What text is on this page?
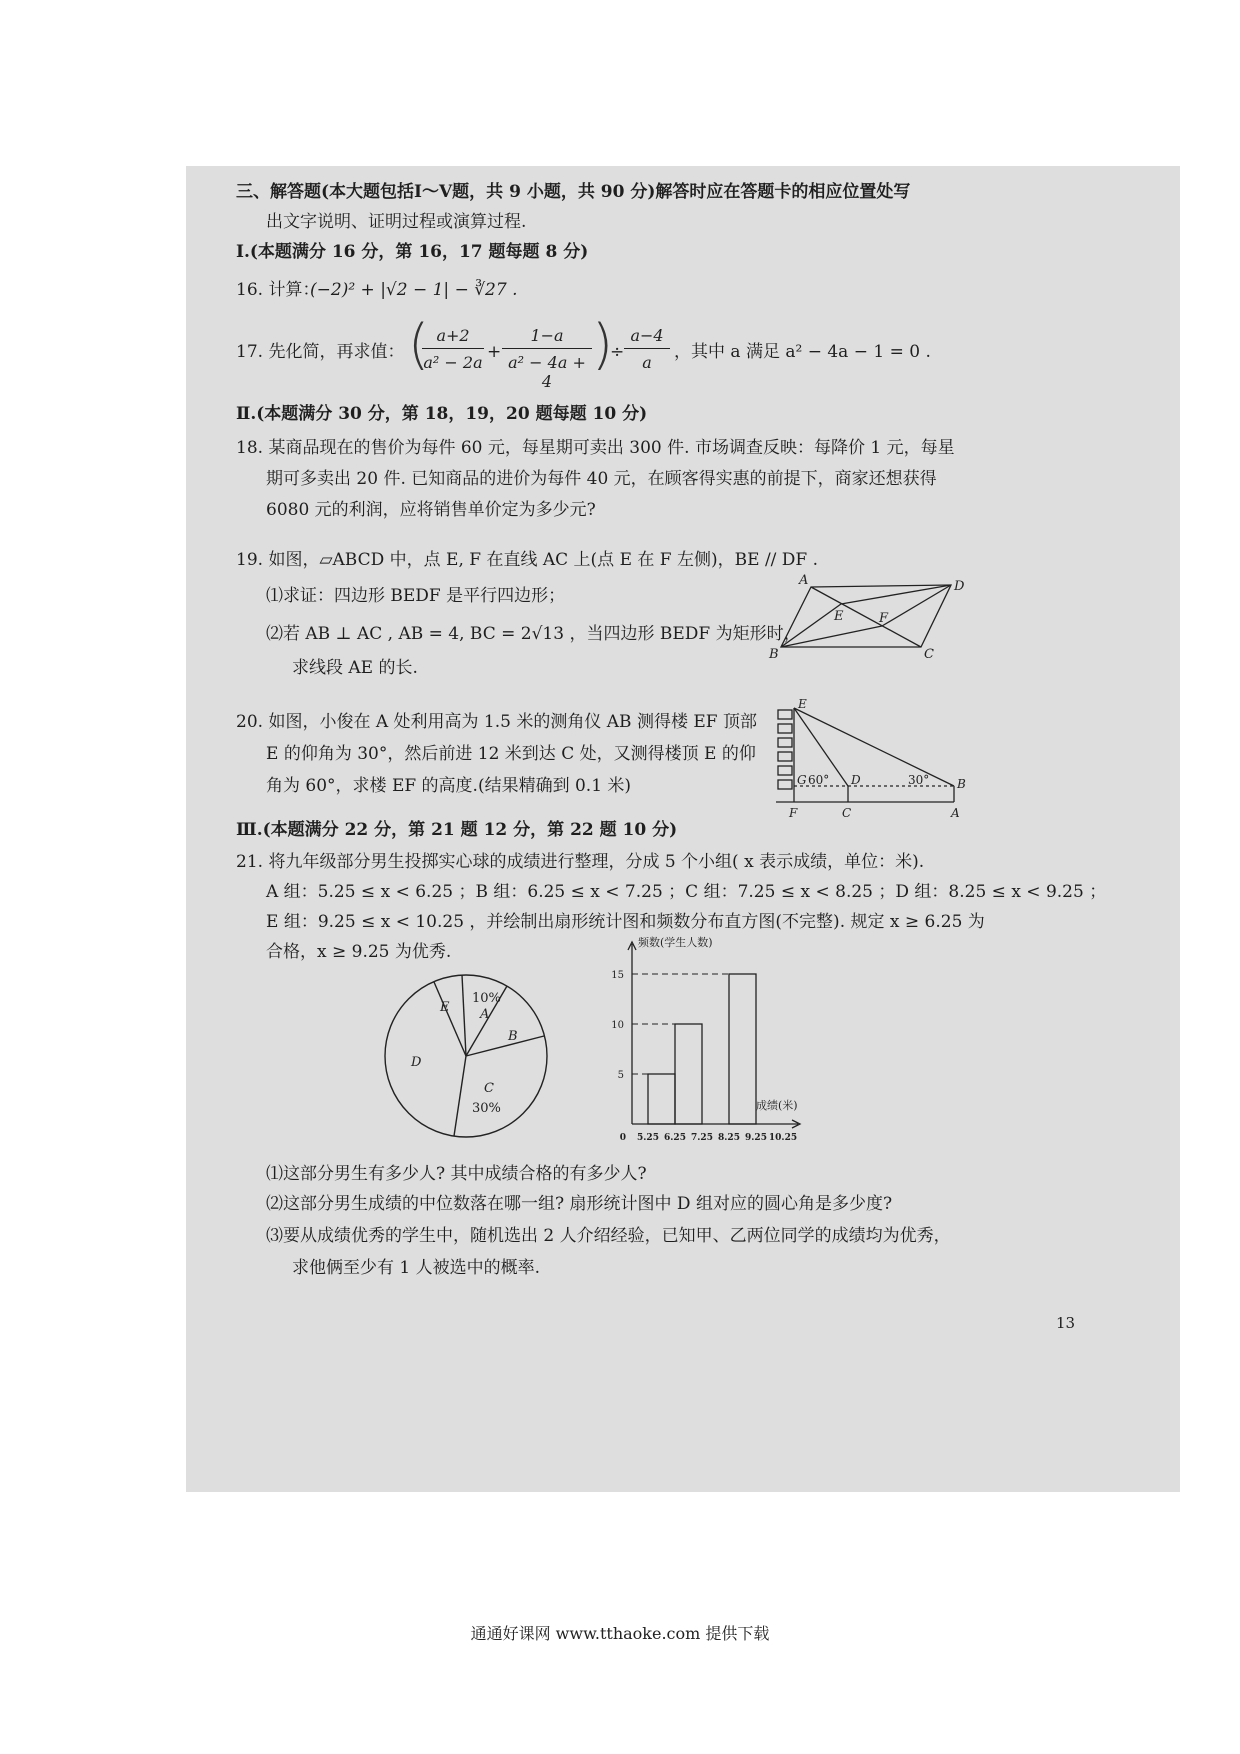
三、解答题(本大题包括Ⅰ～Ⅴ题，共 9 小题，共 90 分)解答时应在答题卡的相应位置处写
出文字说明、证明过程或演算过程.
Ⅰ.(本题满分 16 分，第 16，17 题每题 8 分)
16. 计算：
(−2)² + |√2 − 1| − ∛27 .
17. 先化简，再求值： (
$\frac{a+2}{\text{a² − 2a}} + \frac{1-a}{\text{a² − 4a + 4}}$ )
÷ $\frac{a-4}{a}$ ，其中 a 满足 a² − 4a − 1 = 0 .
Ⅱ.(本题满分 30 分，第 18，19，20 题每题 10 分)
18. 某商品现在的售价为每件 60 元，每星期可卖出 300 件. 市场调查反映：每降价 1 元，每星
期可多卖出 20 件. 已知商品的进价为每件 40 元，在顾客得实惠的前提下，商家还想获得
6080 元的利润，应将销售单价定为多少元?
19. 如图，▱ABCD 中，点 E, F 在直线 AC 上(点 E 在 F 左侧)，BE // DF .
⑴求证：四边形 BEDF 是平行四边形；
⑵若 AB ⊥ AC , AB = 4, BC = 2√13 ，当四边形 BEDF 为矩形时，
求线段 AE 的长.
A	D
B	C
E	F
20. 如图，小俊在 A 处利用高为 1.5 米的测角仪 AB 测得楼 EF 顶部
E 的仰角为 30°，然后前进 12 米到达 C 处，又测得楼顶 E 的仰
角为 60°，求楼 EF 的高度.(结果精确到 0.1 米)
E
G 60° D	30° B
F	C	A
Ⅲ.(本题满分 22 分，第 21 题 12 分，第 22 题 10 分)
21. 将九年级部分男生投掷实心球的成绩进行整理，分成 5 个小组( x 表示成绩，单位：米).
A 组：5.25 ≤ x < 6.25 ；B 组：6.25 ≤ x < 7.25 ；C 组：7.25 ≤ x < 8.25 ；D 组：8.25 ≤ x < 9.25 ；
E 组：9.25 ≤ x < 10.25 ，并绘制出扇形统计图和频数分布直方图(不完整). 规定 x ≥ 6.25 为
合格，x ≥ 9.25 为优秀.
E
10%
A
B
D
C
30%
5
10
15
0 5.25 6.25 7.25 8.25 9.25 10.25
频数(学生人数)
成绩(米)
⑴这部分男生有多少人? 其中成绩合格的有多少人?
⑵这部分男生成绩的中位数落在哪一组? 扇形统计图中 D 组对应的圆心角是多少度?
⑶要从成绩优秀的学生中，随机选出 2 人介绍经验，已知甲、乙两位同学的成绩均为优秀，
求他俩至少有 1 人被选中的概率.
13
通通好课网 www.tthaoke.com 提供下载
